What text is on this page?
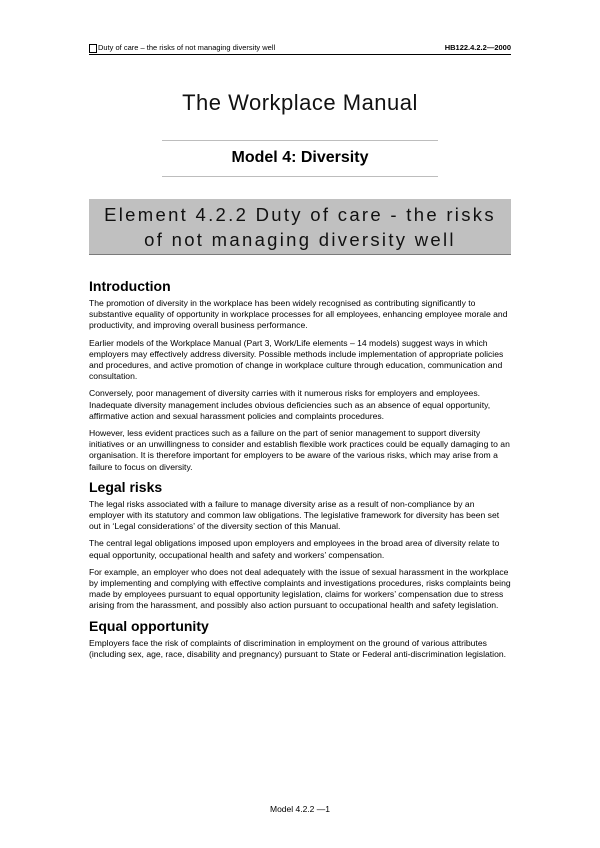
Duty of care – the risks of not managing diversity well	HB122.4.2.2—2000
The Workplace Manual
Model 4: Diversity
Element 4.2.2 Duty of care - the risks of not managing diversity well
Introduction

The promotion of diversity in the workplace has been widely recognised as contributing significantly to substantive equality of opportunity in workplace processes for all employees, enhancing employee morale and productivity, and improving overall business performance.

Earlier models of the Workplace Manual (Part 3, Work/Life elements – 14 models) suggest ways in which employers may effectively address diversity. Possible methods include implementation of appropriate policies and procedures, and active promotion of change in workplace culture through education, communication and consultation.

Conversely, poor management of diversity carries with it numerous risks for employers and employees. Inadequate diversity management includes obvious deficiencies such as an absence of equal opportunity, affirmative action and sexual harassment policies and complaints procedures.

However, less evident practices such as a failure on the part of senior management to support diversity initiatives or an unwillingness to consider and establish flexible work practices could be equally damaging to an organisation. It is therefore important for employers to be aware of the various risks, which may arise from a failure to focus on diversity.

Legal risks

The legal risks associated with a failure to manage diversity arise as a result of non-compliance by an employer with its statutory and common law obligations. The legislative framework for diversity has been set out in ‘Legal considerations’ of the diversity section of this Manual.

The central legal obligations imposed upon employers and employees in the broad area of diversity relate to equal opportunity, occupational health and safety and workers’ compensation.

For example, an employer who does not deal adequately with the issue of sexual harassment in the workplace by implementing and complying with effective complaints and investigations procedures, risks complaints being made by employees pursuant to equal opportunity legislation, claims for workers’ compensation due to stress arising from the harassment, and possibly also action pursuant to occupational health and safety legislation.

Equal opportunity

Employers face the risk of complaints of discrimination in employment on the ground of various attributes (including sex, age, race, disability and pregnancy) pursuant to State or Federal anti-discrimination legislation.

Model 4.2.2 —1
